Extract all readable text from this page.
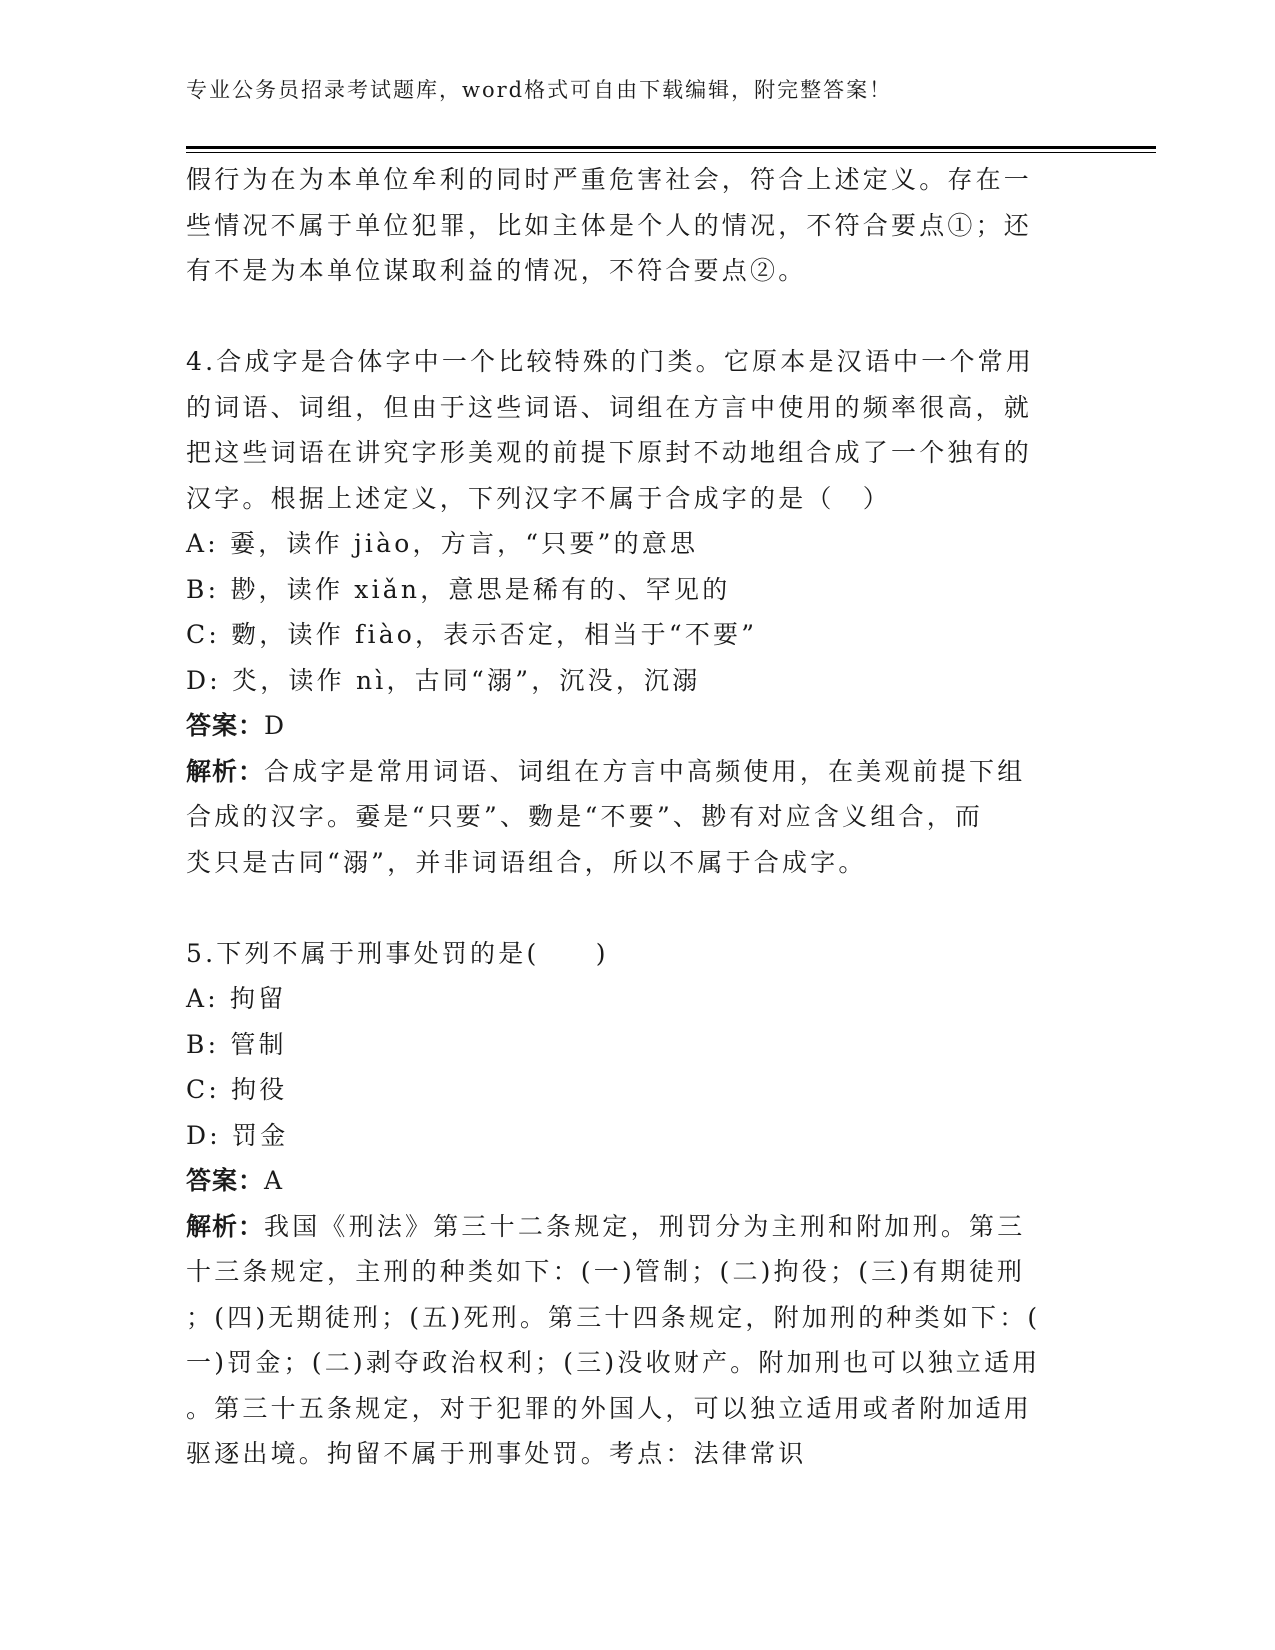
专业公务员招录考试题库，word格式可自由下载编辑，附完整答案！
假行为在为本单位牟利的同时严重危害社会，符合上述定义。存在一
些情况不属于单位犯罪，比如主体是个人的情况，不符合要点①；还
有不是为本单位谋取利益的情况，不符合要点②。
4.合成字是合体字中一个比较特殊的门类。它原本是汉语中一个常用
的词语、词组，但由于这些词语、词组在方言中使用的频率很高，就
把这些词语在讲究字形美观的前提下原封不动地组合成了一个独有的
汉字。根据上述定义，下列汉字不属于合成字的是（　）
A: 嫑，读作 jiào，方言，“只要”的意思
B: 尠，读作 xiǎn，意思是稀有的、罕见的
C: 覅，读作 fiào，表示否定，相当于“不要”
D: 氼，读作 nì，古同“溺”，沉没，沉溺
答案：D
解析：合成字是常用词语、词组在方言中高频使用，在美观前提下组
合成的汉字。嫑是“只要”、覅是“不要”、尠有对应含义组合，而
氼只是古同“溺”，并非词语组合，所以不属于合成字。
5.下列不属于刑事处罚的是(　　)
A: 拘留
B: 管制
C: 拘役
D: 罚金
答案：A
解析：我国《刑法》第三十二条规定，刑罚分为主刑和附加刑。第三
十三条规定，主刑的种类如下：(一)管制；(二)拘役；(三)有期徒刑
；(四)无期徒刑；(五)死刑。第三十四条规定，附加刑的种类如下：(
一)罚金；(二)剥夺政治权利；(三)没收财产。附加刑也可以独立适用
。第三十五条规定，对于犯罪的外国人，可以独立适用或者附加适用
驱逐出境。拘留不属于刑事处罚。考点：法律常识
